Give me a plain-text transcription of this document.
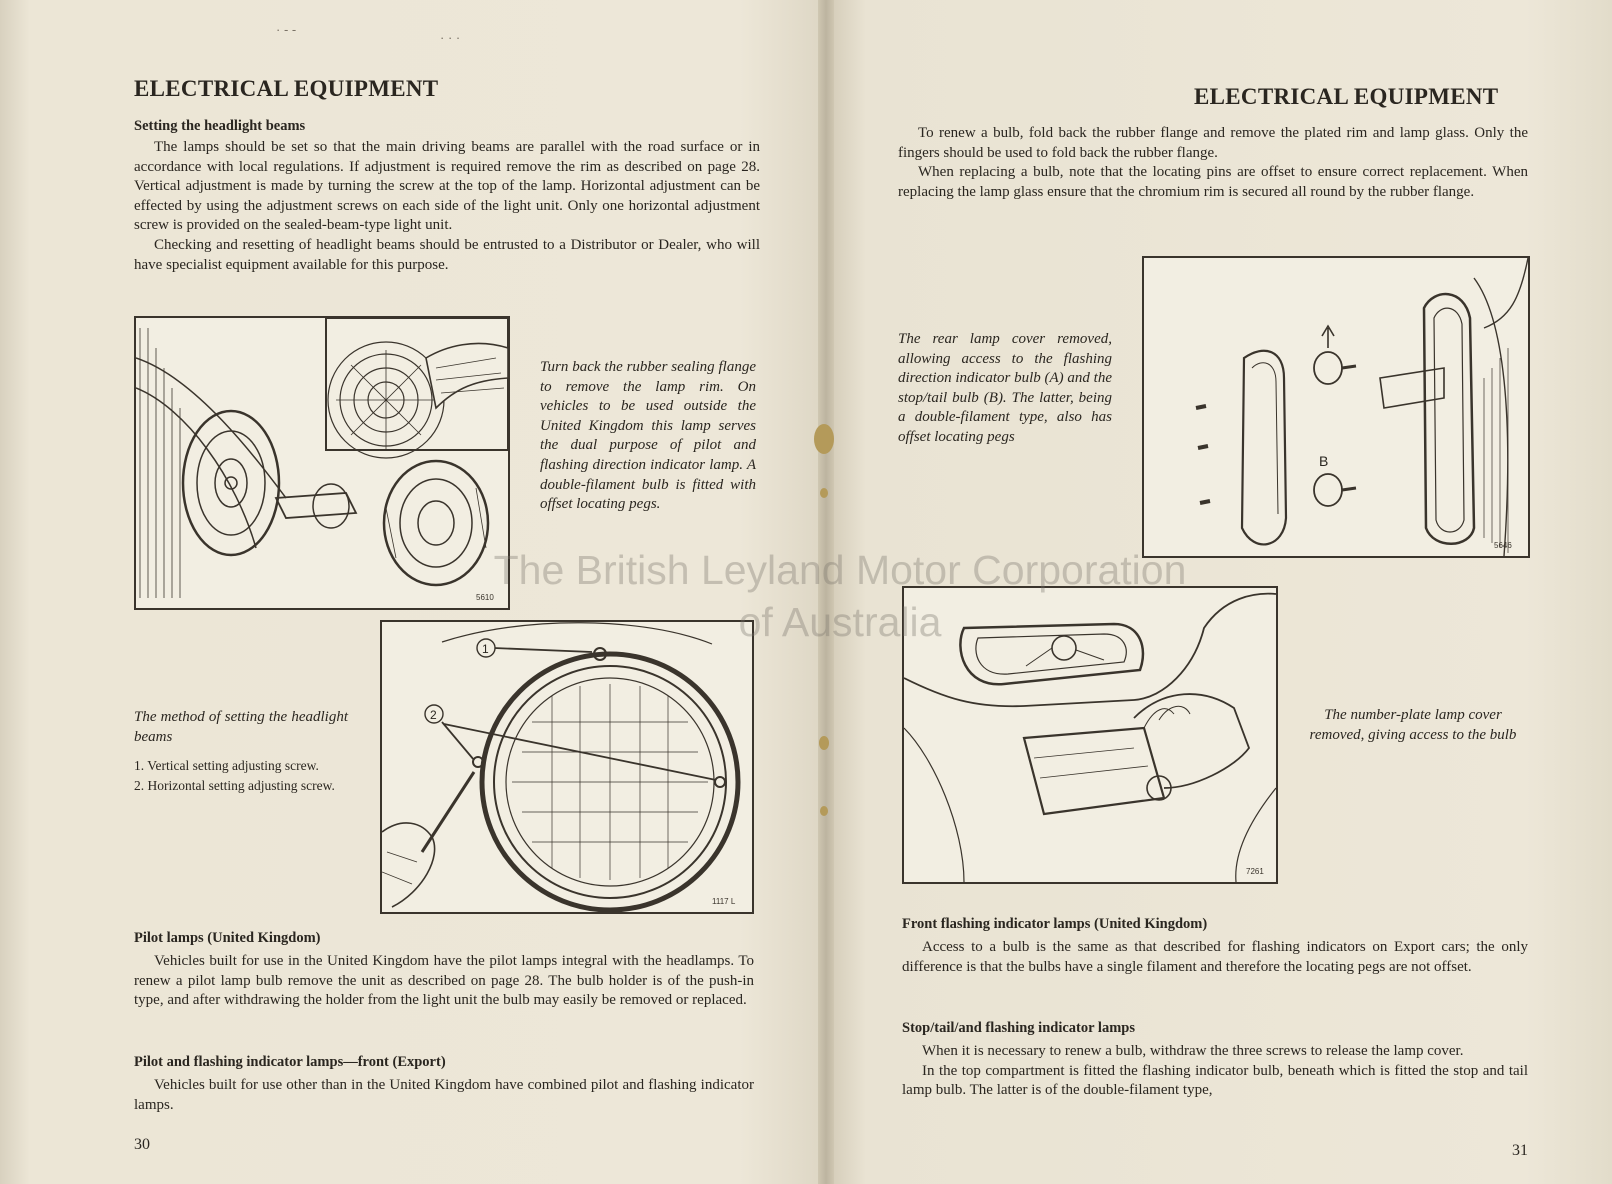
· - -
· · ·
ELECTRICAL EQUIPMENT
Setting the headlight beams

The lamps should be set so that the main driving beams are parallel with the road surface or in accordance with local regulations. If adjustment is required remove the rim as described on page 28. Vertical adjustment is made by turning the screw at the top of the lamp. Horizontal adjustment can be effected by using the adjustment screws on each side of the light unit. Only one horizontal adjustment screw is provided on the sealed-beam-type light unit.

Checking and resetting of headlight beams should be entrusted to a Distributor or Dealer, who will have specialist equipment available for this purpose.

5610
Turn back the rubber sealing flange to remove the lamp rim. On vehicles to be used outside the United Kingdom this lamp serves the dual purpose of pilot and flashing direction indicator lamp. A double-filament bulb is fitted with offset locating pegs.
1
2
1117 L
The method of setting the headlight beams
1. Vertical setting adjusting screw.
2. Horizontal setting adjusting screw.
Pilot lamps (United Kingdom)

Vehicles built for use in the United Kingdom have the pilot lamps integral with the headlamps. To renew a pilot lamp bulb remove the unit as described on page 28. The bulb holder is of the push-in type, and after withdrawing the holder from the light unit the bulb may easily be removed or replaced.

Pilot and flashing indicator lamps—front (Export)

Vehicles built for use other than in the United Kingdom have combined pilot and flashing indicator lamps.

30
ELECTRICAL EQUIPMENT

To renew a bulb, fold back the rubber flange and remove the plated rim and lamp glass. Only the fingers should be used to fold back the rubber flange.

When replacing a bulb, note that the locating pins are offset to ensure correct replacement. When replacing the lamp glass ensure that the chromium rim is secured all round by the rubber flange.

The rear lamp cover removed, allowing access to the flashing direction indicator bulb (A) and the stop/tail bulb (B). The latter, being a double-filament type, also has offset locating pegs
B
5646
7261
The number-plate lamp cover removed, giving access to the bulb
Front flashing indicator lamps (United Kingdom)

Access to a bulb is the same as that described for flashing indicators on Export cars; the only difference is that the bulbs have a single filament and therefore the locating pegs are not offset.

Stop/tail/and flashing indicator lamps

When it is necessary to renew a bulb, withdraw the three screws to release the lamp cover.

In the top compartment is fitted the flashing indicator bulb, beneath which is fitted the stop and tail lamp bulb. The latter is of the double-filament type,

31
The British Leyland Motor Corporation
of Australia
